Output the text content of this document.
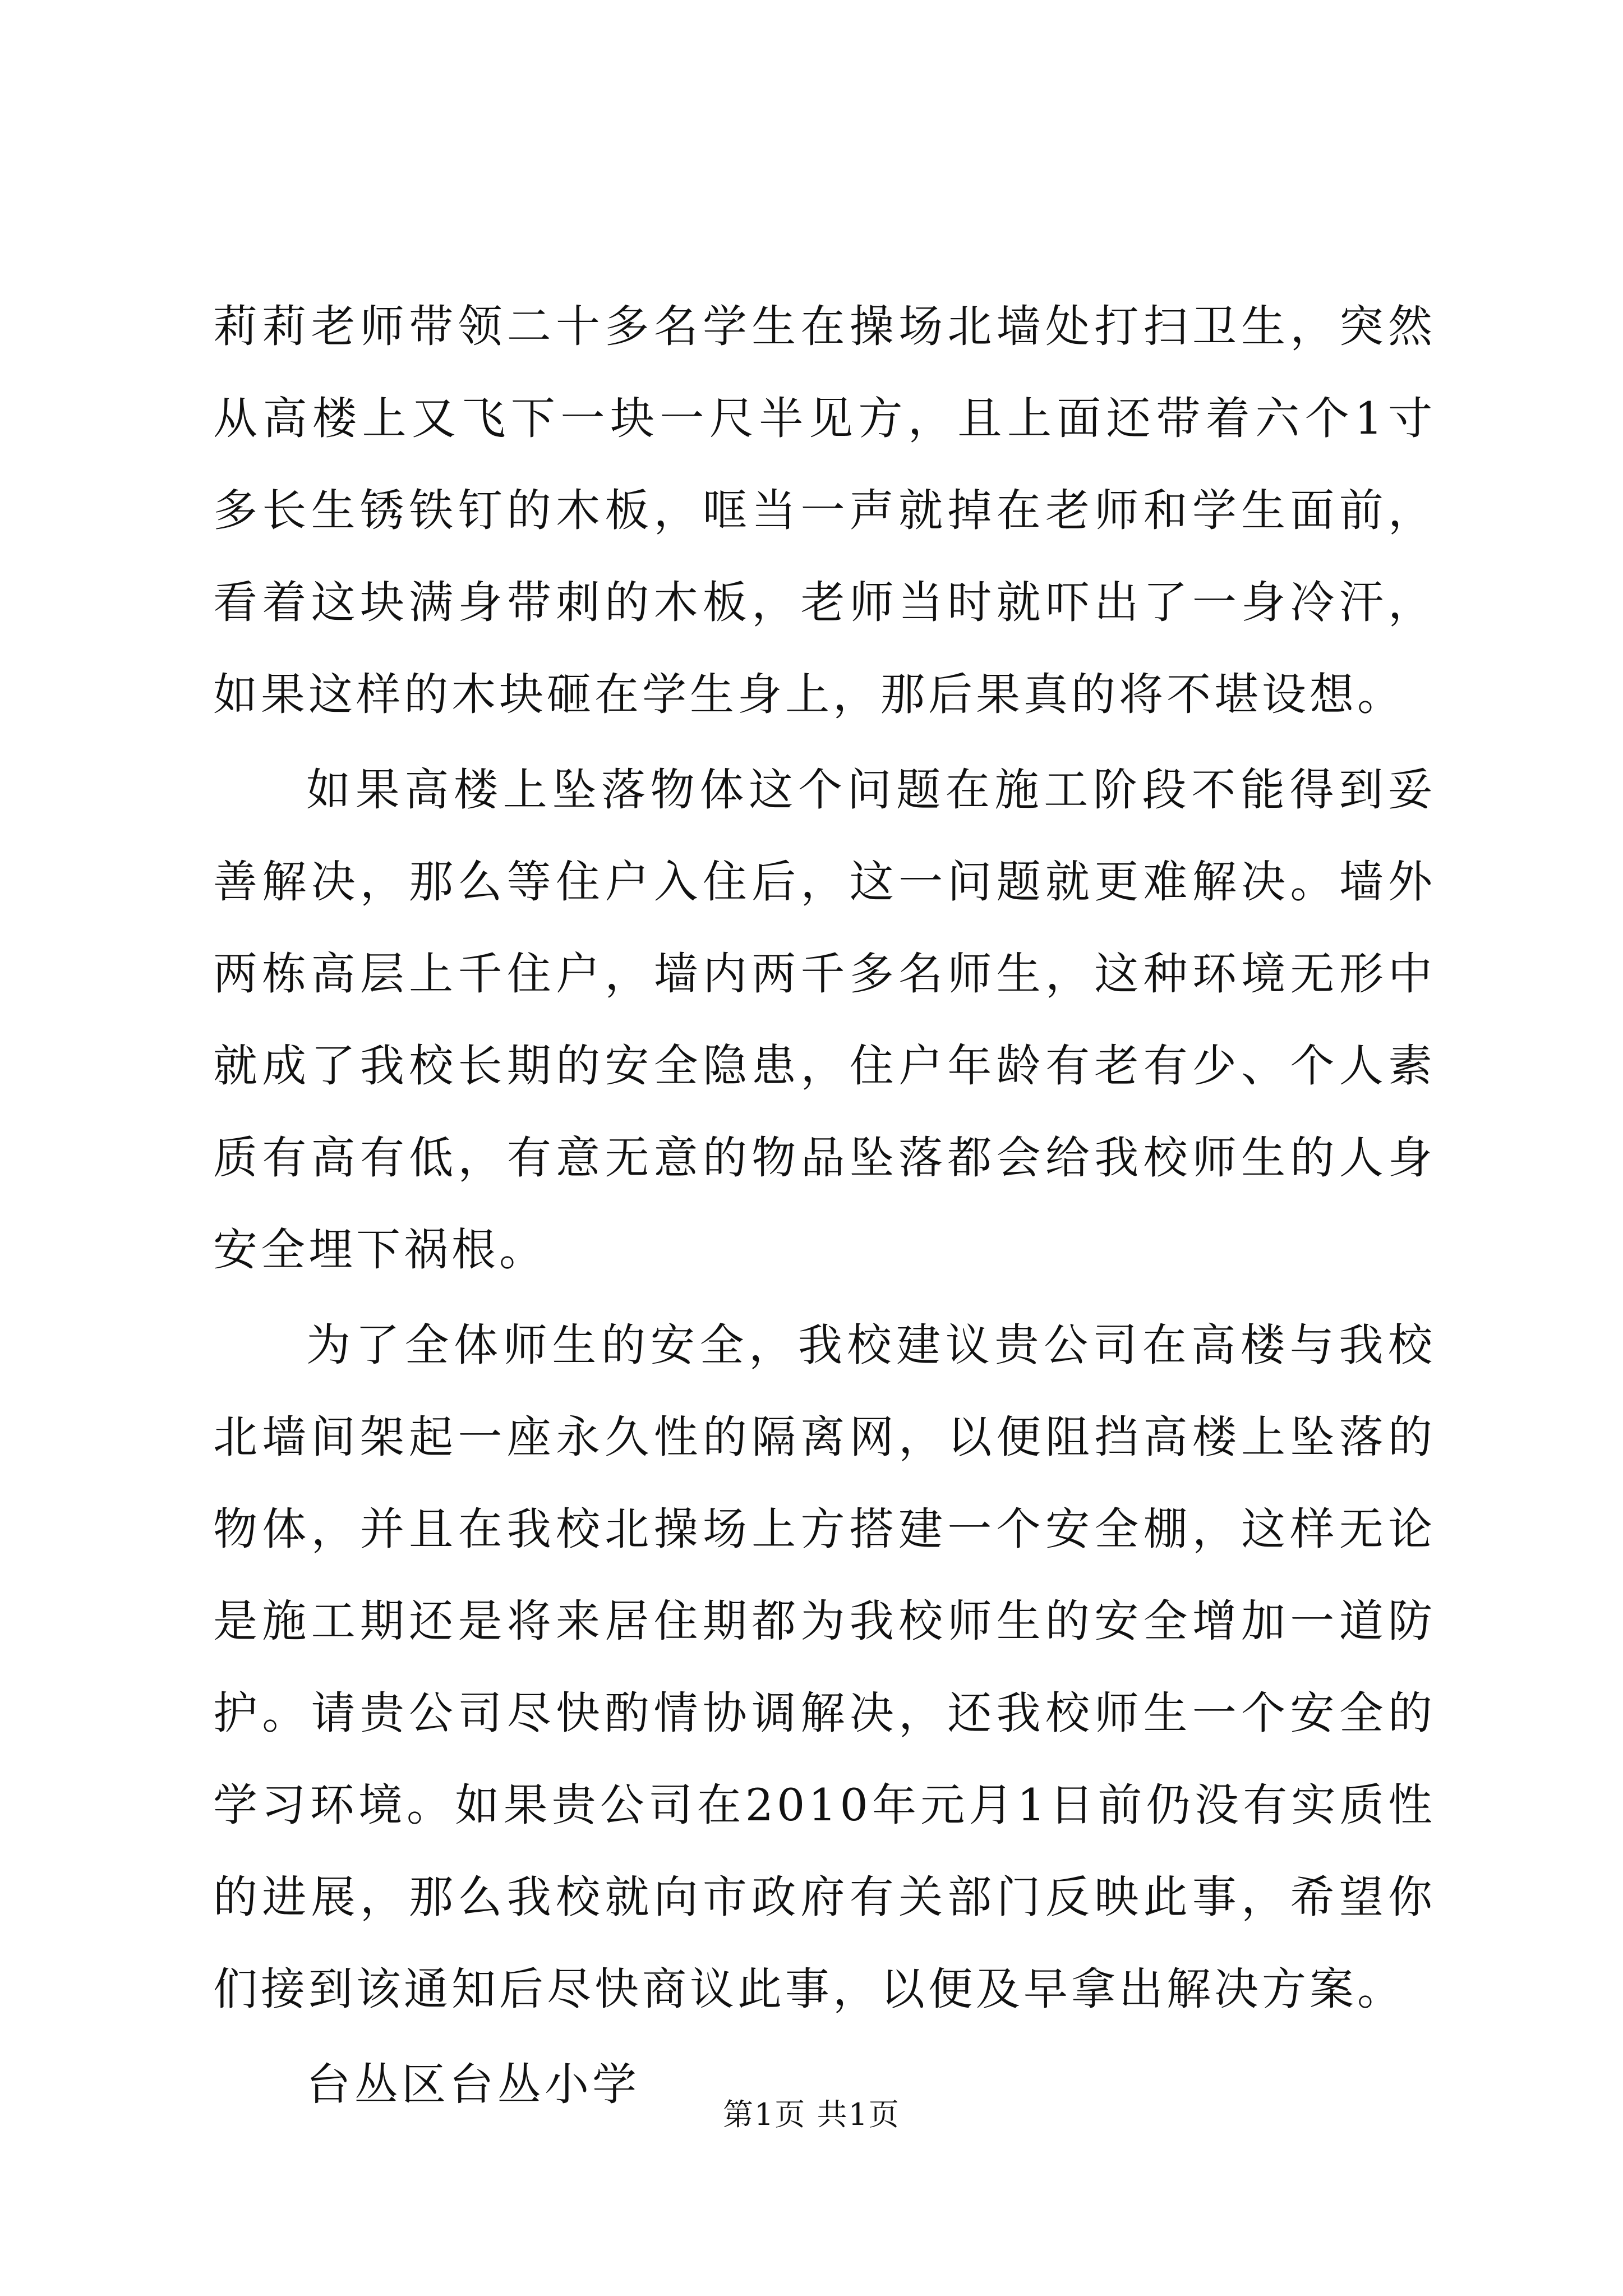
莉莉老师带领二十多名学生在操场北墙处打扫卫生，突然从高楼上又飞下一块一尺半见方，且上面还带着六个1寸多长生锈铁钉的木板，哐当一声就掉在老师和学生面前，看着这块满身带刺的木板，老师当时就吓出了一身冷汗，如果这样的木块砸在学生身上，那后果真的将不堪设想。

如果高楼上坠落物体这个问题在施工阶段不能得到妥善解决，那么等住户入住后，这一问题就更难解决。墙外两栋高层上千住户，墙内两千多名师生，这种环境无形中就成了我校长期的安全隐患，住户年龄有老有少、个人素质有高有低，有意无意的物品坠落都会给我校师生的人身安全埋下祸根。

为了全体师生的安全，我校建议贵公司在高楼与我校北墙间架起一座永久性的隔离网，以便阻挡高楼上坠落的物体，并且在我校北操场上方搭建一个安全棚，这样无论是施工期还是将来居住期都为我校师生的安全增加一道防护。请贵公司尽快酌情协调解决，还我校师生一个安全的学习环境。如果贵公司在2010年元月1日前仍没有实质性的进展，那么我校就向市政府有关部门反映此事，希望你们接到该通知后尽快商议此事，以便及早拿出解决方案。

台丛区台丛小学

第1页 共1页
